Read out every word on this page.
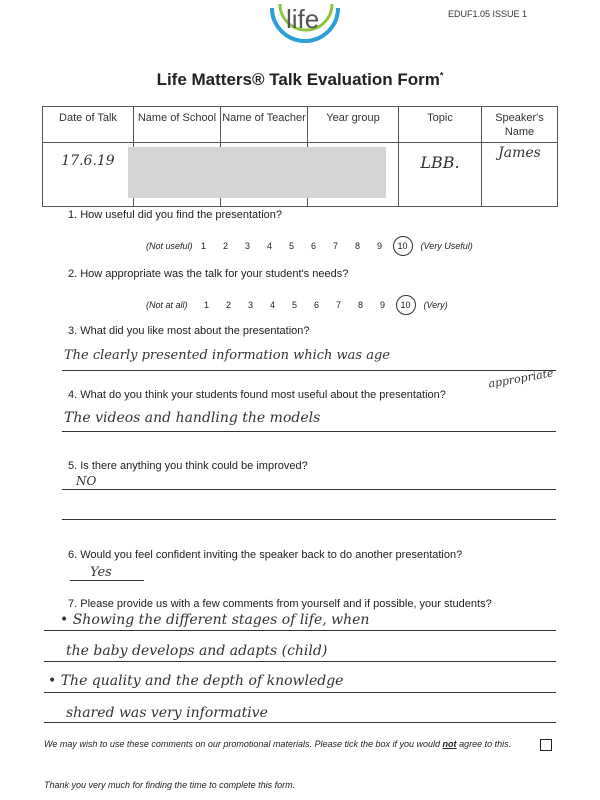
life	EDUF1.05 ISSUE 1
Life Matters® Talk Evaluation Form*
Date of Talk	Name of School	Name of Teacher	Year group	Topic	Speaker's Name
17.6.19				LBB.	James
1. How useful did you find the presentation?
(Not useful) 1	2	3	4	5	6	7	8	9	10	(Very Useful)
2. How appropriate was the talk for your student's needs?
(Not at all)	1	2	3	4	5	6	7	8	9	10	(Very)
3. What did you like most about the presentation?
The clearly presented information which was age
appropriate
4. What do you think your students found most useful about the presentation?
The videos and handling the models
5. Is there anything you think could be improved?
NO
6. Would you feel confident inviting the speaker back to do another presentation?
Yes
7. Please provide us with a few comments from yourself and if possible, your students?
• Showing the different stages of life, when
the baby develops and adapts (child)
• The quality and the depth of knowledge
shared was very informative
We may wish to use these comments on our promotional materials. Please tick the box if you would not agree to this.
Thank you very much for finding the time to complete this form.
